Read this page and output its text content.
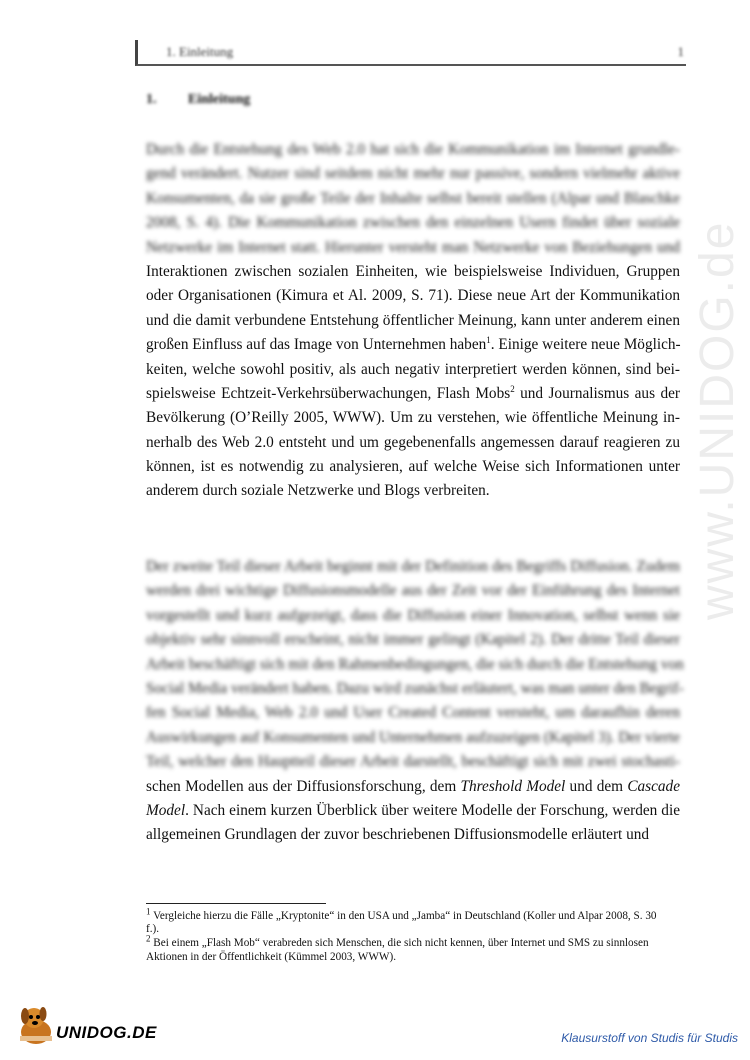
1. Einleitung	1
1. Einleitung
Durch die Entstehung des Web 2.0 hat sich die Kommunikation im Internet grundle-
gend verändert. Nutzer sind seitdem nicht mehr nur passive, sondern vielmehr aktive
Konsumenten, da sie große Teile der Inhalte selbst bereit stellen (Alpar und Blaschke
2008, S. 4). Die Kommunikation zwischen den einzelnen Usern findet über soziale
Netzwerke im Internet statt. Hierunter versteht man Netzwerke von Beziehungen und
Interaktionen zwischen sozialen Einheiten, wie beispielsweise Individuen, Gruppen
oder Organisationen (Kimura et Al. 2009, S. 71). Diese neue Art der Kommunikation
und die damit verbundene Entstehung öffentlicher Meinung, kann unter anderem einen
großen Einfluss auf das Image von Unternehmen haben$^1$. Einige weitere neue Möglich-
keiten, welche sowohl positiv, als auch negativ interpretiert werden können, sind bei-
spielsweise Echtzeit-Verkehrsüberwachungen, Flash Mobs$^2$ und Journalismus aus der
Bevölkerung (O’Reilly 2005, WWW). Um zu verstehen, wie öffentliche Meinung in-
nerhalb des Web 2.0 entsteht und um gegebenenfalls angemessen darauf reagieren zu
können, ist es notwendig zu analysieren, auf welche Weise sich Informationen unter
anderem durch soziale Netzwerke und Blogs verbreiten.
Der zweite Teil dieser Arbeit beginnt mit der Definition des Begriffs Diffusion. Zudem
werden drei wichtige Diffusionsmodelle aus der Zeit vor der Einführung des Internet
vorgestellt und kurz aufgezeigt, dass die Diffusion einer Innovation, selbst wenn sie
objektiv sehr sinnvoll erscheint, nicht immer gelingt (Kapitel 2). Der dritte Teil dieser
Arbeit beschäftigt sich mit den Rahmenbedingungen, die sich durch die Entstehung von
Social Media verändert haben. Dazu wird zunächst erläutert, was man unter den Begrif-
fen Social Media, Web 2.0 und User Created Content versteht, um daraufhin deren
Auswirkungen auf Konsumenten und Unternehmen aufzuzeigen (Kapitel 3). Der vierte
Teil, welcher den Hauptteil dieser Arbeit darstellt, beschäftigt sich mit zwei stochasti-
schen Modellen aus der Diffusionsforschung, dem Threshold Model und dem Cascade
Model. Nach einem kurzen Überblick über weitere Modelle der Forschung, werden die
allgemeinen Grundlagen der zuvor beschriebenen Diffusionsmodelle erläutert und

$^1$ Vergleiche hierzu die Fälle „Kryptonite“ in den USA und „Jamba“ in Deutschland (Koller und Alpar 2008, S. 30 f.).

$^2$ Bei einem „Flash Mob“ verabreden sich Menschen, die sich nicht kennen, über Internet und SMS zu sinnlosen Aktionen in der Öffentlichkeit (Kümmel 2003, WWW).

www.UNIDOG.de
UNIDOG.DE	Klausurstoff von Studis für Studis
